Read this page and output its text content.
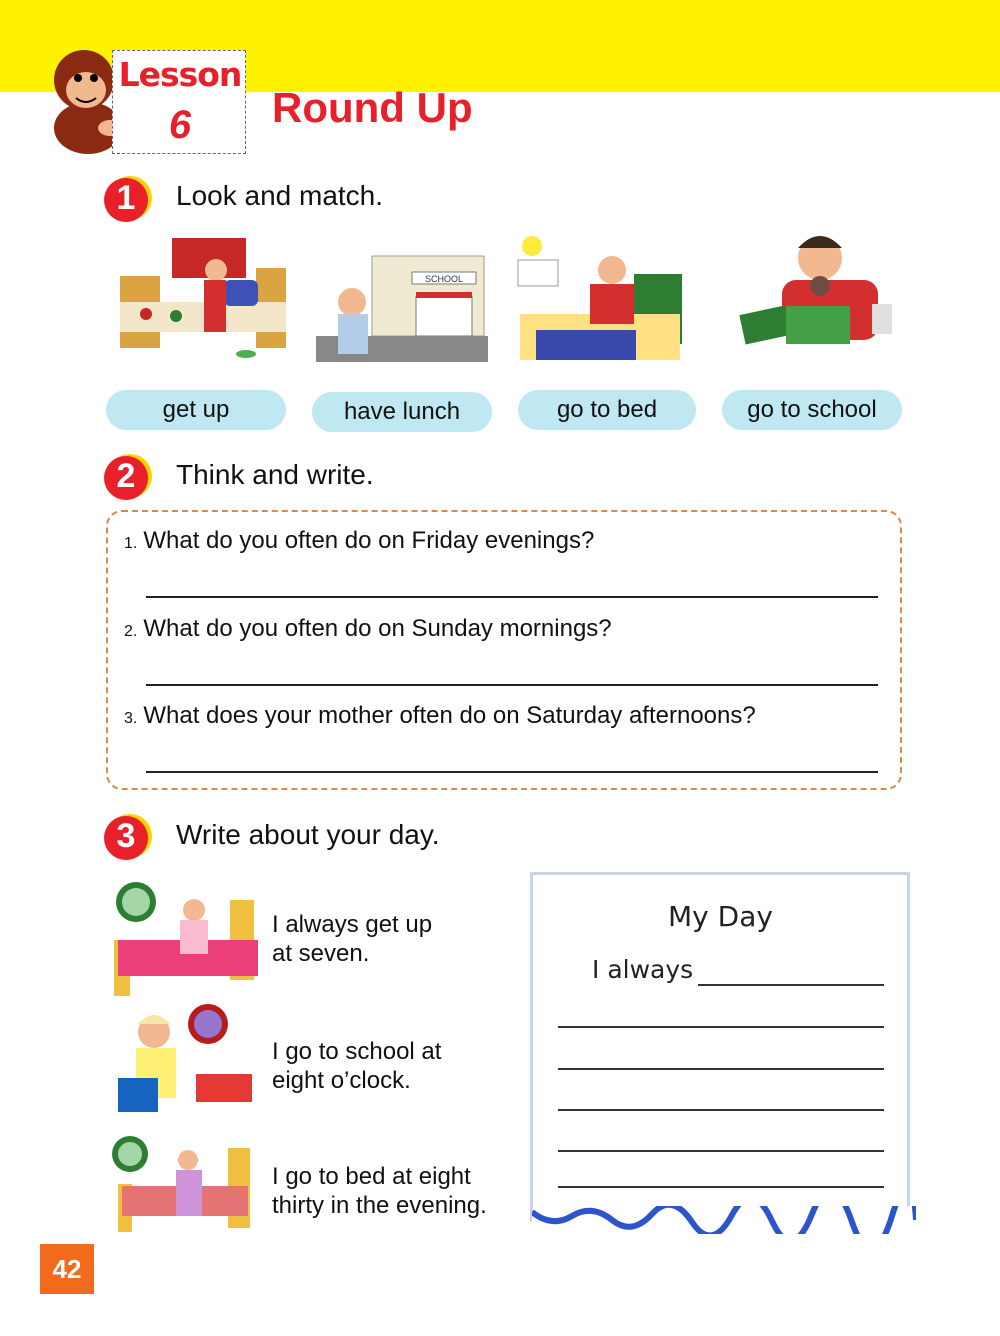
Lesson
6	Round Up
1	Look and match.
SCHOOL
get up	have lunch	go to bed	go to school
2	Think and write.
1. What do you often do on Friday evenings?
2. What do you often do on Sunday mornings?
3. What does your mother often do on Saturday afternoons?
3	Write about your day.
I always get up
at seven.
I go to school at
eight o’clock.
I go to bed at eight
thirty in the evening.
My Day
I always
42
